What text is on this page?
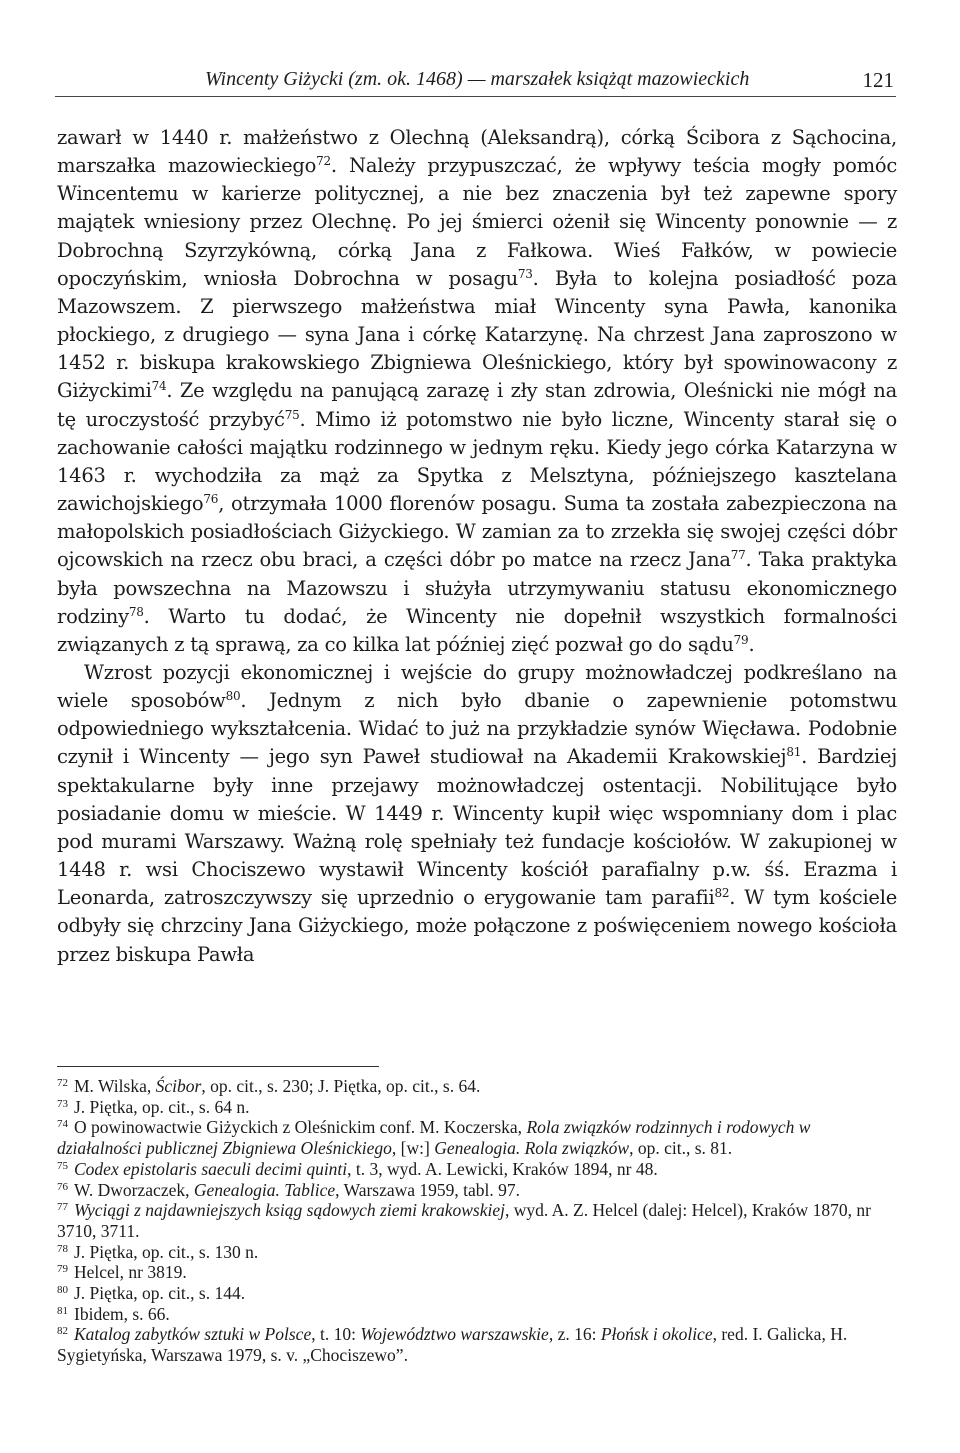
Wincenty Giżycki (zm. ok. 1468) — marszałek książąt mazowieckich	121

zawarł w 1440 r. małżeństwo z Olechną (Aleksandrą), córką Ścibora z Sąchocina, marszałka mazowieckiego$^{72}$. Należy przypuszczać, że wpływy teścia mogły pomóc Wincentemu w karierze politycznej, a nie bez znaczenia był też zapewne spory majątek wniesiony przez Olechnę. Po jej śmierci ożenił się Wincenty ponownie — z Dobrochną Szyrzykówną, córką Jana z Fałkowa. Wieś Fałków, w powiecie opoczyńskim, wniosła Dobrochna w posagu$^{73}$. Była to kolejna posiadłość poza Mazowszem. Z pierwszego małżeństwa miał Wincenty syna Pawła, kanonika płockiego, z drugiego — syna Jana i córkę Katarzynę. Na chrzest Jana zaproszono w 1452 r. biskupa krakowskiego Zbigniewa Oleśnickiego, który był spowinowacony z Giżyckimi$^{74}$. Ze względu na panującą zarazę i zły stan zdrowia, Oleśnicki nie mógł na tę uroczystość przybyć$^{75}$. Mimo iż potomstwo nie było liczne, Wincenty starał się o zachowanie całości majątku rodzinnego w jednym ręku. Kiedy jego córka Katarzyna w 1463 r. wychodziła za mąż za Spytka z Melsztyna, późniejszego kasztelana zawichojskiego$^{76}$, otrzymała 1000 florenów posagu. Suma ta została zabezpieczona na małopolskich posiadłościach Giżyckiego. W zamian za to zrzekła się swojej części dóbr ojcowskich na rzecz obu braci, a części dóbr po matce na rzecz Jana$^{77}$. Taka praktyka była powszechna na Mazowszu i służyła utrzymywaniu statusu ekonomicznego rodziny$^{78}$. Warto tu dodać, że Wincenty nie dopełnił wszystkich formalności związanych z tą sprawą, za co kilka lat później zięć pozwał go do sądu$^{79}$.

Wzrost pozycji ekonomicznej i wejście do grupy możnowładczej podkreślano na wiele sposobów$^{80}$. Jednym z nich było dbanie o zapewnienie potomstwu odpowiedniego wykształcenia. Widać to już na przykładzie synów Więcława. Podobnie czynił i Wincenty — jego syn Paweł studiował na Akademii Krakowskiej$^{81}$. Bardziej spektakularne były inne przejawy możnowładczej ostentacji. Nobilitujące było posiadanie domu w mieście. W 1449 r. Wincenty kupił więc wspomniany dom i plac pod murami Warszawy. Ważną rolę spełniały też fundacje kościołów. W zakupionej w 1448 r. wsi Chociszewo wystawił Wincenty kościół parafialny p.w. śś. Erazma i Leonarda, zatroszczywszy się uprzednio o erygowanie tam parafii$^{82}$. W tym kościele odbyły się chrzciny Jana Giżyckiego, może połączone z poświęceniem nowego kościoła przez biskupa Pawła

$^{72}$ M. Wilska, Ścibor, op. cit., s. 230; J. Piętka, op. cit., s. 64.

$^{73}$ J. Piętka, op. cit., s. 64 n.

$^{74}$ O powinowactwie Giżyckich z Oleśnickim conf. M. Koczerska, Rola związków rodzinnych i rodowych w działalności publicznej Zbigniewa Oleśnickiego, [w:] Genealogia. Rola związków, op. cit., s. 81.

$^{75}$ Codex epistolaris saeculi decimi quinti, t. 3, wyd. A. Lewicki, Kraków 1894, nr 48.

$^{76}$ W. Dworzaczek, Genealogia. Tablice, Warszawa 1959, tabl. 97.

$^{77}$ Wyciągi z najdawniejszych ksiąg sądowych ziemi krakowskiej, wyd. A. Z. Helcel (dalej: Helcel), Kraków 1870, nr 3710, 3711.

$^{78}$ J. Piętka, op. cit., s. 130 n.

$^{79}$ Helcel, nr 3819.

$^{80}$ J. Piętka, op. cit., s. 144.

$^{81}$ Ibidem, s. 66.

$^{82}$ Katalog zabytków sztuki w Polsce, t. 10: Województwo warszawskie, z. 16: Płońsk i okolice, red. I. Galicka, H. Sygietyńska, Warszawa 1979, s. v. „Chociszewo”.
